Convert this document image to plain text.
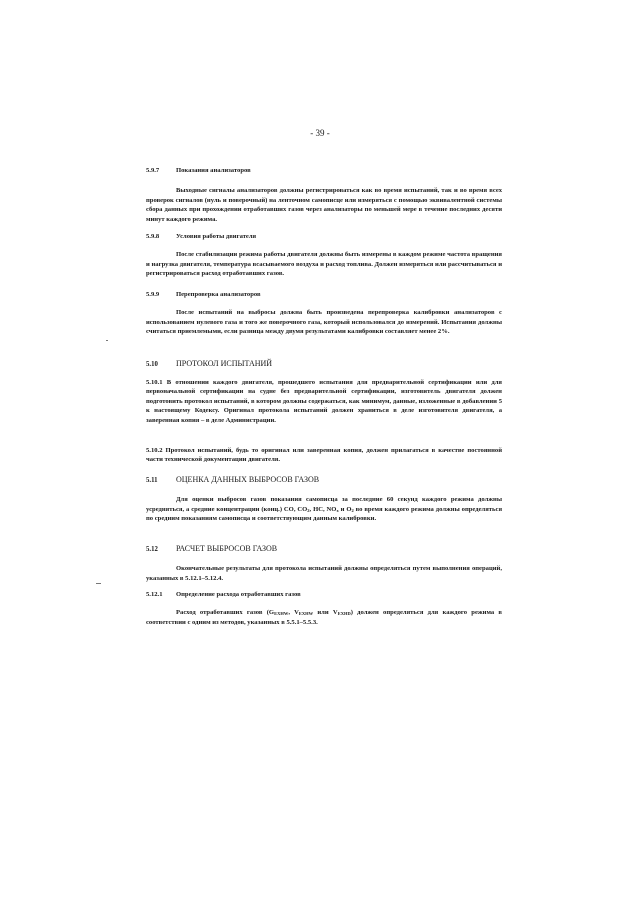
- 39 -
5.9.7	Показания анализаторов

Выходные сигналы анализаторов должны регистрироваться как во время испытаний, так и во время всех проверок сигналов (нуль и поверочный) на ленточном самописце или измеряться с помощью эквивалентной системы сбора данных при прохождении отработавших газов через анализаторы по меньшей мере в течение последних десяти минут каждого режима.

5.9.8	Условия работы двигателя

После стабилизации режима работы двигателя должны быть измерены в каждом режиме частота вращения и нагрузка двигателя, температура всасываемого воздуха и расход топлива. Должен измеряться или рассчитываться и регистрироваться расход отработавших газов.

5.9.9	Перепроверка анализаторов

После испытаний на выбросы должна быть произведена перепроверка калибровки анализаторов с использованием нулевого газа и того же поверочного газа, который использовался до измерений. Испытания должны считаться приемлемыми, если разница между двумя результатами калибровки составляет менее 2%.

5.10 ПРОТОКОЛ ИСПЫТАНИЙ

5.10.1 В отношении каждого двигателя, прошедшего испытания для предварительной сертификации или для первоначальной сертификации на судне без предварительной сертификации, изготовитель двигателя должен подготовить протокол испытаний, в котором должны содержаться, как минимум, данные, изложенные в добавлении 5 к настоящему Кодексу. Оригинал протокола испытаний должен храниться в деле изготовителя двигателя, а заверенная копия – в деле Администрации.

5.10.2 Протокол испытаний, будь то оригинал или заверенная копия, должен прилагаться в качестве постоянной части технической документации двигателя.

5.11 ОЦЕНКА ДАННЫХ ВЫБРОСОВ ГАЗОВ

Для оценки выбросов газов показания самописца за последние 60 секунд каждого режима должны усредняться, а средние концентрации (конц.) CO, $CO_2$, HC, $NO_x$ и $O_2$ во время каждого режима должны определяться по средним показаниям самописца и соответствующим данным калибровки.

5.12 РАСЧЕТ ВЫБРОСОВ ГАЗОВ

Окончательные результаты для протокола испытаний должны определяться путем выполнения операций, указанных в 5.12.1–5.12.4.

5.12.1 Определение расхода отработавших газов

Расход отработавших газов ($G_{EXHW}$, $V_{EXHW}$ или $V_{EXHD}$) должен определяться для каждого режима в соответствии с одним из методов, указанных в 5.5.1–5.5.3.
